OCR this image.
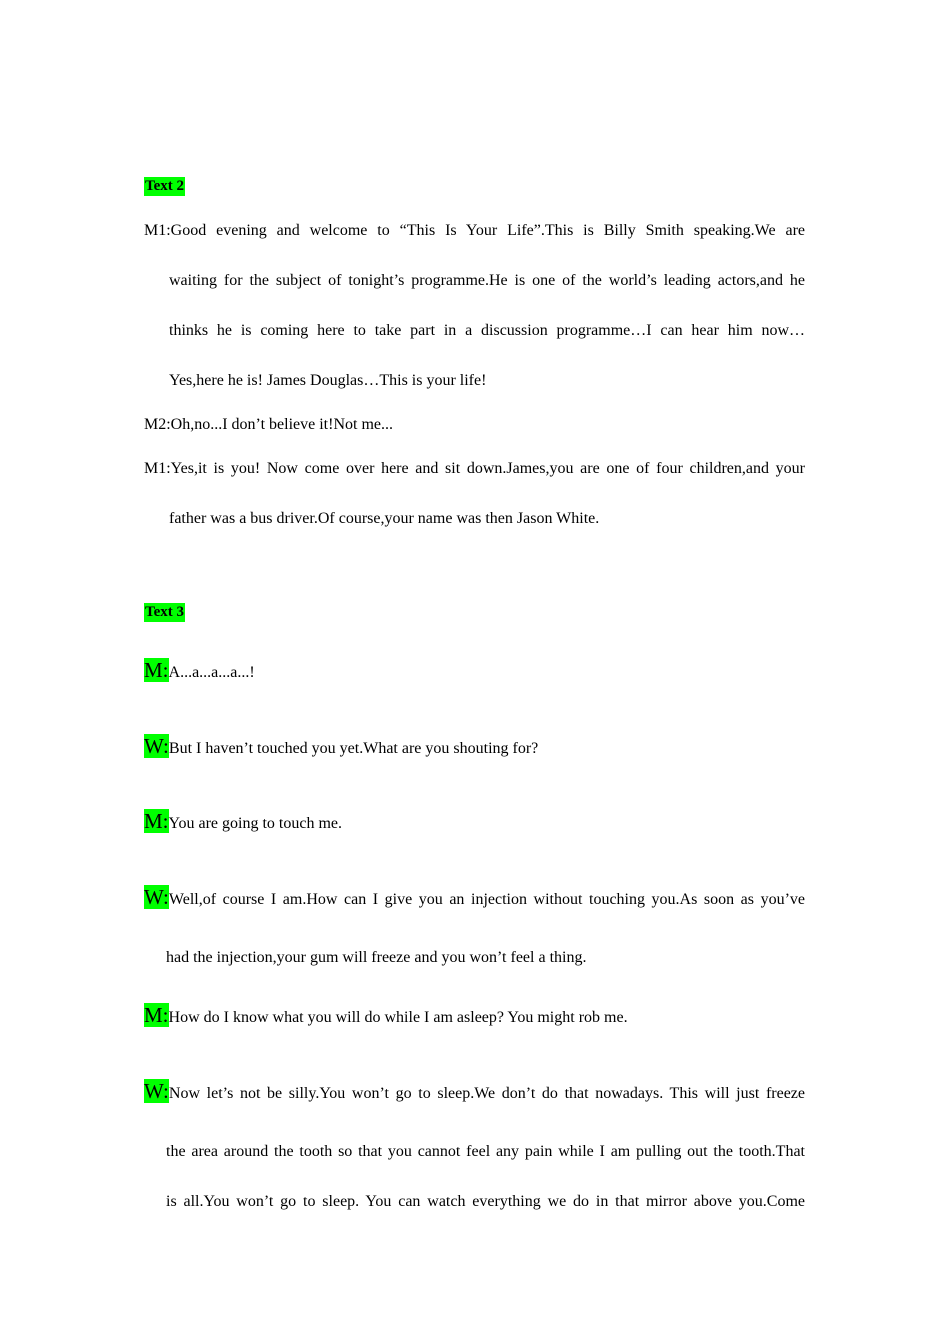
Text 2
M1:Good evening and welcome to “This Is Your Life”.This is Billy Smith speaking.We are
waiting for the subject of tonight’s programme.He is one of the world’s leading actors,and he
thinks he is coming here to take part in a discussion programme…I can hear him now…
Yes,here he is! James Douglas…This is your life!
M2:Oh,no...I don’t believe it!Not me...
M1:Yes,it is you! Now come over here and sit down.James,you are one of four children,and your
father was a bus driver.Of course,your name was then Jason White.
Text 3
M:A...a...a...a...!
W:But I haven’t touched you yet.What are you shouting for?
M:You are going to touch me.
W:Well,of course I am.How can I give you an injection without touching you.As soon as you’ve
had the injection,your gum will freeze and you won’t feel a thing.
M:How do I know what you will do while I am asleep? You might rob me.
W:Now let’s not be silly.You won’t go to sleep.We don’t do that nowadays. This will just freeze
the area around the tooth so that you cannot feel any pain while I am pulling out the tooth.That
is all.You won’t go to sleep. You can watch everything we do in that mirror above you.Come
